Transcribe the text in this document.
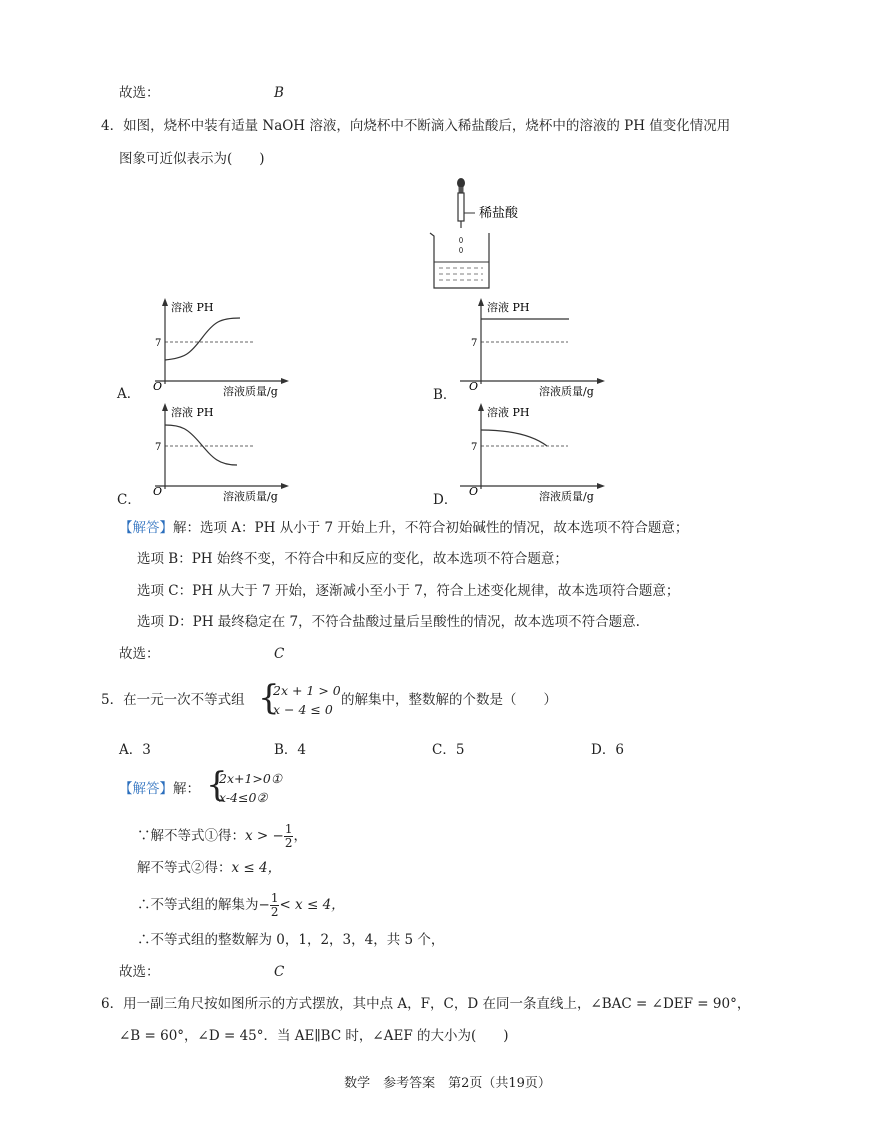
故选：	B
4．如图，烧杯中装有适量 NaOH 溶液，向烧杯中不断滴入稀盐酸后，烧杯中的溶液的 PH 值变化情况用
图象可近似表示为(　　)
稀盐酸
A．
溶液 PH
7
O	溶液质量/g	B．
溶液 PH
7
O	溶液质量/g
C．
溶液 PH
7
O	溶液质量/g	D．
溶液 PH
7
O	溶液质量/g
【解答】解：选项 A：PH 从小于 7 开始上升，不符合初始碱性的情况，故本选项不符合题意；
选项 B：PH 始终不变，不符合中和反应的变化，故本选项不符合题意；
选项 C：PH 从大于 7 开始，逐渐减小至小于 7，符合上述变化规律，故本选项符合题意；
选项 D：PH 最终稳定在 7，不符合盐酸过量后呈酸性的情况，故本选项不符合题意.
故选：	C
5．在一元一次不等式组 {
2x + 1 > 0
x − 4 ≤ 0
的解集中，整数解的个数是（　　）
A．3	B．4	C．5	D．6
【解答】解： {
2x+1>0①
x-4≤0②
∵解不等式①得：x > − $\frac{1}{2}$ ，
解不等式②得：x ≤ 4，
∴不等式组的解集为− $\frac{1}{2} < x \le 4$，
∴不等式组的整数解为 0，1，2，3，4，共 5 个，
故选：	C
6．用一副三角尺按如图所示的方式摆放，其中点 A，F，C，D 在同一条直线上，∠BAC = ∠DEF = 90°，
∠B = 60°，∠D = 45°．当 AE∥BC 时，∠AEF 的大小为(　　)
数学　参考答案　第2页（共19页）
